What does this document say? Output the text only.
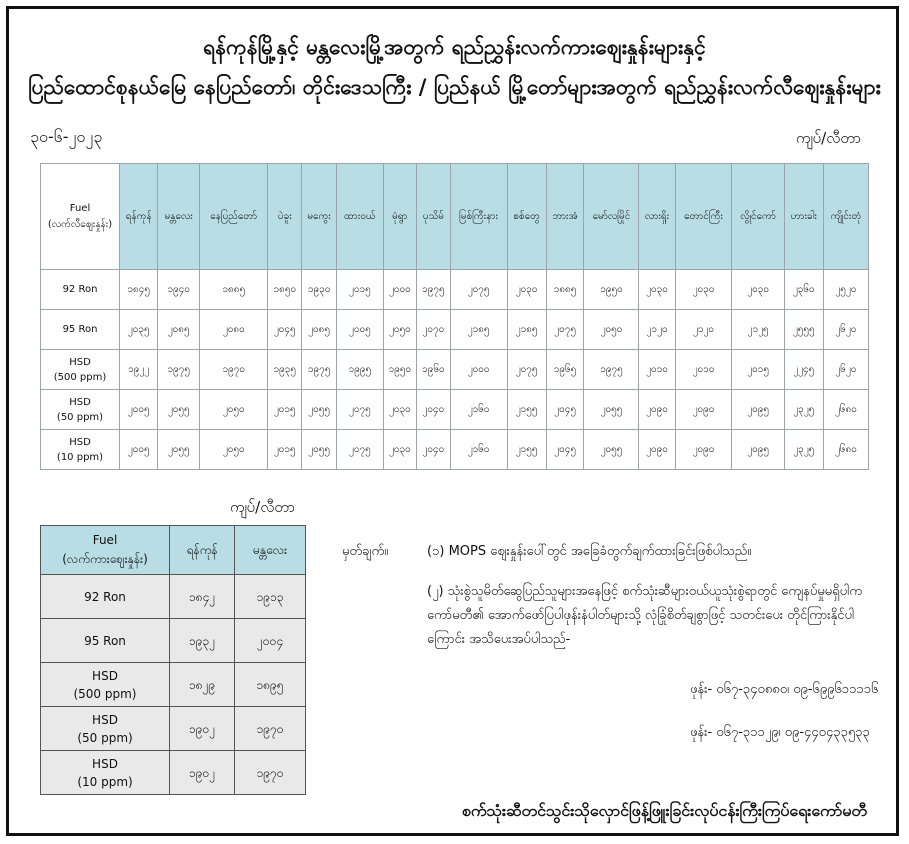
ရန်ကုန်မြို့နှင့် မန္တလေးမြို့အတွက် ရည်ညွှန်းလက်ကားဈေးနှုန်းများနှင့်
ပြည်ထောင်စုနယ်မြေ နေပြည်တော်၊ တိုင်းဒေသကြီး / ပြည်နယ် မြို့တော်များအတွက် ရည်ညွှန်းလက်လီဈေးနှုန်းများ
၃၀-၆-၂၀၂၃	ကျပ်/လီတာ
Fuel
(လက်လီဈေးနှုန်း)	ရန်ကုန်	မန္တလေး	နေပြည်တော်	ပဲခူး	မကွေး	ထားဝယ်	မုံရွာ	ပုသိမ်	မြစ်ကြီးနား	စစ်တွေ	ဘားအံ	မော်လမြိုင်	လားရှိုး	တောင်ကြီး	လွိုင်ကော်	ဟားခါး	ကျိုင်းတုံ
92 Ron	၁၈၄၅	၁၉၄၀	၁၈၈၅	၁၈၅၀	၁၉၃၀	၂၀၁၅	၂၀၀၀	၁၉၇၅	၂၀၇၅	၂၀၃၀	၁၈၈၅	၁၉၅၀	၂၀၃၀	၂၀၃၀	၂၀၃၀	၂၃၆၀	၂၅၂၀
95 Ron	၂၀၃၅	၂၀၈၅	၂၀၈၀	၂၀၄၅	၂၀၈၅	၂၀၀၅	၂၀၅၀	၂၀၇၀	၂၁၈၅	၂၁၈၅	၂၀၇၅	၂၀၅၀	၂၁၂၀	၂၁၂၀	၂၁၂၅	၂၅၅၅	၂၆၂၀
HSD
(500 ppm)	၁၉၂၂	၁၉၇၅	၁၉၇၀	၁၉၃၅	၁၉၇၅	၁၉၉၅	၁၉၅၀	၁၉၆၀	၂၀၀၀	၂၀၇၅	၁၉၆၅	၁၉၇၅	၂၀၁၀	၂၀၁၀	၂၀၁၅	၂၂၄၅	၂၆၂၀
HSD
(50 ppm)	၂၀၀၅	၂၀၅၅	၂၀၅၀	၂၀၁၅	၂၀၅၅	၂၀၇၅	၂၀၃၀	၂၀၄၀	၂၁၆၀	၂၁၅၅	၂၀၄၅	၂၀၅၅	၂၀၉၀	၂၀၉၀	၂၀၉၅	၂၃၂၅	၂၆၈၀
HSD
(10 ppm)	၂၀၀၅	၂၀၅၅	၂၀၅၀	၂၀၁၅	၂၀၅၅	၂၀၇၅	၂၀၃၀	၂၀၄၀	၂၁၆၀	၂၁၅၅	၂၀၄၅	၂၀၅၅	၂၀၉၀	၂၀၉၀	၂၀၉၅	၂၃၂၅	၂၆၈၀
ကျပ်/လီတာ
Fuel
(လက်ကားဈေးနှုန်း)	ရန်ကုန်	မန္တလေး
92 Ron	၁၈၄၂	၁၉၁၃
95 Ron	၁၉၃၂	၂၀၀၄
HSD
(500 ppm)	၁၈၂၉	၁၈၉၅
HSD
(50 ppm)	၁၉၀၂	၁၉၇၀
HSD
(10 ppm)	၁၉၀၂	၁၉၇၀
မှတ်ချက်။	(၁) MOPS ဈေးနှုန်းပေါ်တွင် အခြေခံတွက်ချက်ထားခြင်းဖြစ်ပါသည်။
(၂) သုံးစွဲသူမိတ်ဆွေပြည်သူများအနေဖြင့် စက်သုံးဆီများဝယ်ယူသုံးစွဲရာတွင် ကျေနပ်မှုမရှိပါက ကော်မတီ၏ အောက်ဖော်ပြပါဖုန်းနံပါတ်များသို့ လုံခြုံစိတ်ချစွာဖြင့် သတင်းပေး တိုင်ကြားနိုင်ပါကြောင်း အသိပေးအပ်ပါသည်-
ဖုန်း- ၀၆၇-၃၄၀၈၈၀၊ ၀၉-၆၉၉၆၁၁၁၁၆
ဖုန်း- ၀၆၇-၃၁၁၂၉၊ ၀၉-၄၄၀၄၃၃၅၃၃
စက်သုံးဆီတင်သွင်းသိုလှောင်ဖြန့်ဖြူးခြင်းလုပ်ငန်းကြီးကြပ်ရေးကော်မတီ
